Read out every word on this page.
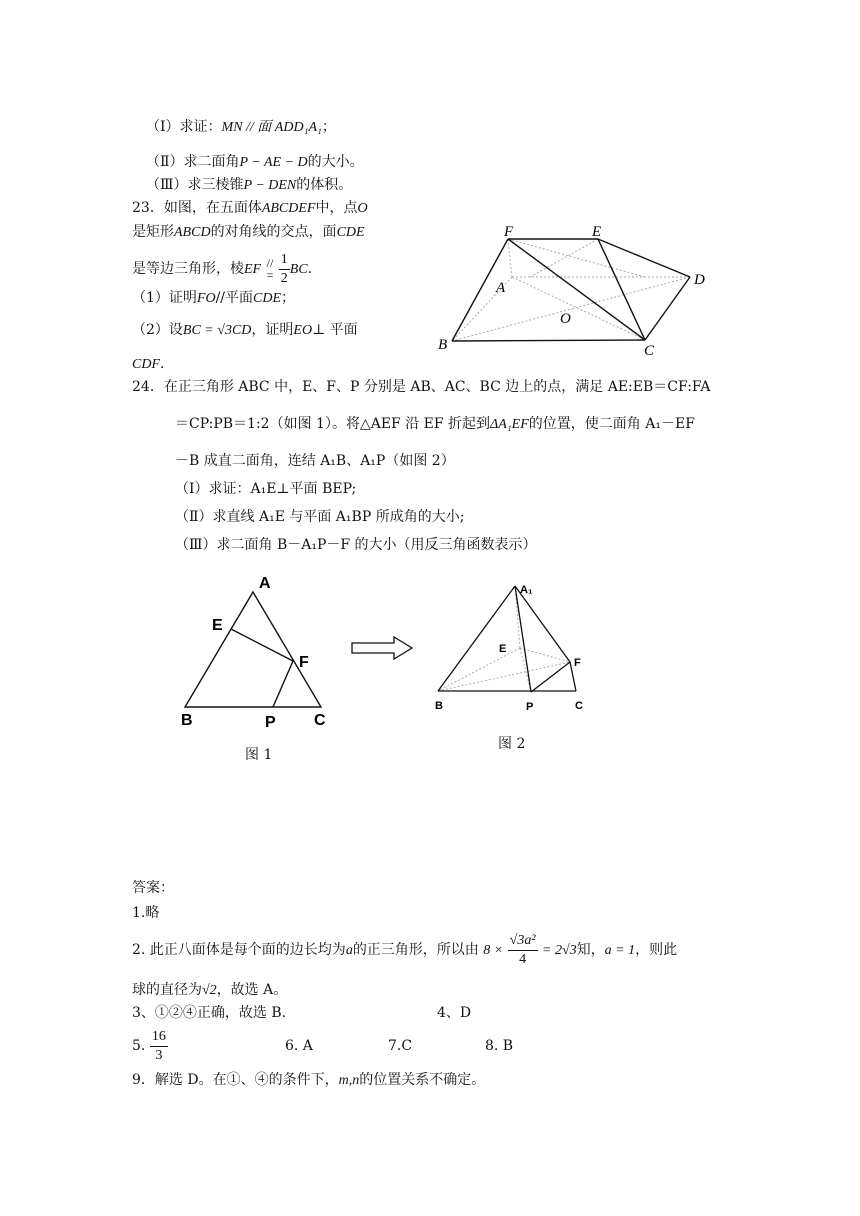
（Ⅰ）求证：MN // 面 ADD₁A₁；
（Ⅱ）求二面角P − AE − D的大小。
（Ⅲ）求三棱锥P − DEN的体积。
23．如图，在五面体ABCDEF中，点O
是矩形ABCD的对角线的交点，面CDE
是等边三角形，棱EF //
=
$\frac{1}{2}$ BC．
（1）证明FO//平面CDE；
（2）设BC = √3CD，证明EO⊥ 平面
CDF．
F	E
D
A
O
B	C
24．在正三角形 ABC 中，E、F、P 分别是 AB、AC、BC 边上的点，满足 AE:EB＝CF:FA
＝CP:PB＝1:2（如图 1）。将△AEF 沿 EF 折起到ΔA₁EF的位置，使二面角 A₁－EF
－B 成直二面角，连结 A₁B、A₁P（如图 2）
（Ⅰ）求证：A₁E⊥平面 BEP;
（Ⅱ）求直线 A₁E 与平面 A₁BP 所成角的大小;
（Ⅲ）求二面角 B－A₁P－F 的大小（用反三角函数表示）
A
E
F
B	P C
图 1
A₁
E
F
B	P	C
图 2
答案：
1.略
2. 此正八面体是每个面的边长均为a的正三角形，所以由 $8 \times \frac{\text{√3a²}}{4} = 2√3$知，a = 1，则此
球的直径为√2，故选 A。
3、①②④正确，故选 B.	4、D
5. $\frac{16}{3}$	6. A	7.C	8. B
9．解选 D。在①、④的条件下，m,n的位置关系不确定。
